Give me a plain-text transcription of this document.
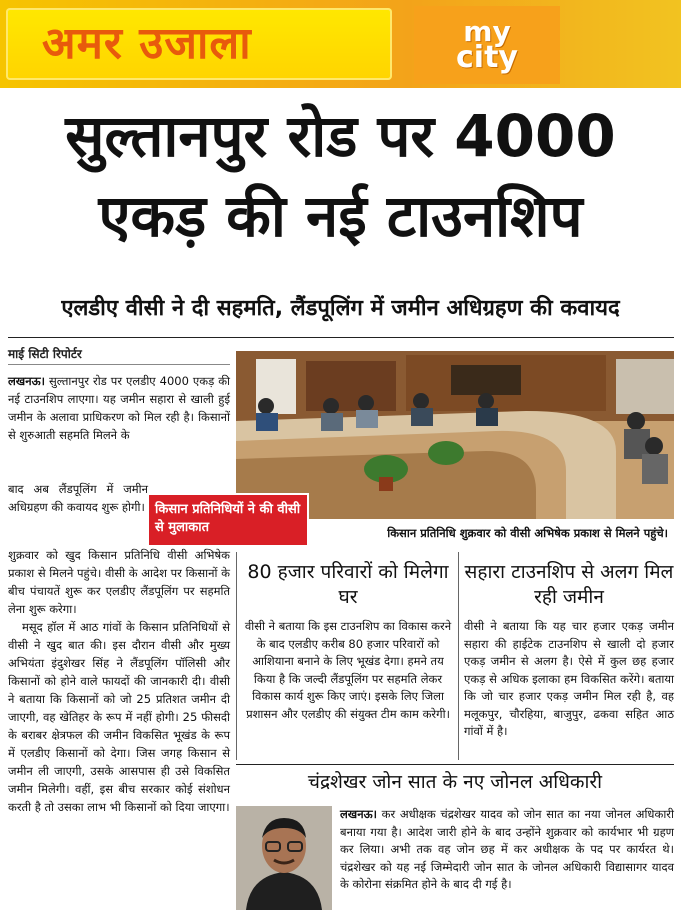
अमर उजाला	my
city
सुल्तानपुर रोड पर 4000
एकड़ की नई टाउनशिप
एलडीए वीसी ने दी सहमति, लैंडपूलिंग में जमीन अधिग्रहण की कवायद
माई सिटी रिपोर्टर
लखनऊ। सुल्तानपुर रोड पर एलडीए 4000 एकड़ की नई टाउनशिप लाएगा। यह जमीन सहारा से खाली हुई जमीन के अलावा प्राधिकरण को मिल रही है। किसानों से शुरुआती सहमति मिलने के
बाद अब लैंडपूलिंग में जमीन अधिग्रहण की कवायद शुरू होगी।

शुक्रवार को खुद किसान प्रतिनिधि वीसी अभिषेक प्रकाश से मिलने पहुंचे। वीसी के आदेश पर किसानों के बीच पंचायतें शुरू कर एलडीए लैंडपूलिंग पर सहमति लेना शुरू करेगा।

मसूद हॉल में आठ गांवों के किसान प्रतिनिधियों से वीसी ने खुद बात की। इस दौरान वीसी और मुख्य अभियंता इंदुशेखर सिंह ने लैंडपूलिंग पॉलिसी और किसानों को होने वाले फायदों की जानकारी दी। वीसी ने बताया कि किसानों को जो 25 प्रतिशत जमीन दी जाएगी, वह खेतिहर के रूप में नहीं होगी। 25 फीसदी के बराबर क्षेत्रफल की जमीन विकसित भूखंड के रूप में एलडीए किसानों को देगा। जिस जगह किसान से जमीन ली जाएगी, उसके आसपास ही उसे विकसित जमीन मिलेगी। वहीं, इस बीच सरकार कोई संशोधन करती है तो उसका लाभ भी किसानों को दिया जाएगा।

किसान प्रतिनिधि शुक्रवार को वीसी अभिषेक प्रकाश से मिलने पहुंचे।
किसान प्रतिनिधियों ने की वीसी से मुलाकात
80 हजार परिवारों को मिलेगा घर
वीसी ने बताया कि इस टाउनशिप का विकास करने के बाद एलडीए करीब 80 हजार परिवारों को आशियाना बनाने के लिए भूखंड देगा। हमने तय किया है कि जल्दी लैंडपूलिंग पर सहमति लेकर विकास कार्य शुरू किए जाएं। इसके लिए जिला प्रशासन और एलडीए की संयुक्त टीम काम करेगी।
सहारा टाउनशिप से अलग मिल रही जमीन
वीसी ने बताया कि यह चार हजार एकड़ जमीन सहारा की हाईटेक टाउनशिप से खाली दो हजार एकड़ जमीन से अलग है। ऐसे में कुल छह हजार एकड़ से अधिक इलाका हम विकसित करेंगे। बताया कि जो चार हजार एकड़ जमीन मिल रही है, वह मलूकपुर, चौरहिया, बाजुपुर, ढकवा सहित आठ गांवों में है।
चंद्रशेखर जोन सात के नए जोनल अधिकारी
लखनऊ। कर अधीक्षक चंद्रशेखर यादव को जोन सात का नया जोनल अधिकारी बनाया गया है। आदेश जारी होने के बाद उन्होंने शुक्रवार को कार्यभार भी ग्रहण कर लिया। अभी तक वह जोन छह में कर अधीक्षक के पद पर कार्यरत थे। चंद्रशेखर को यह नई जिम्मेदारी जोन सात के जोनल अधिकारी विद्यासागर यादव के कोरोना संक्रमित होने के बाद दी गई है।
